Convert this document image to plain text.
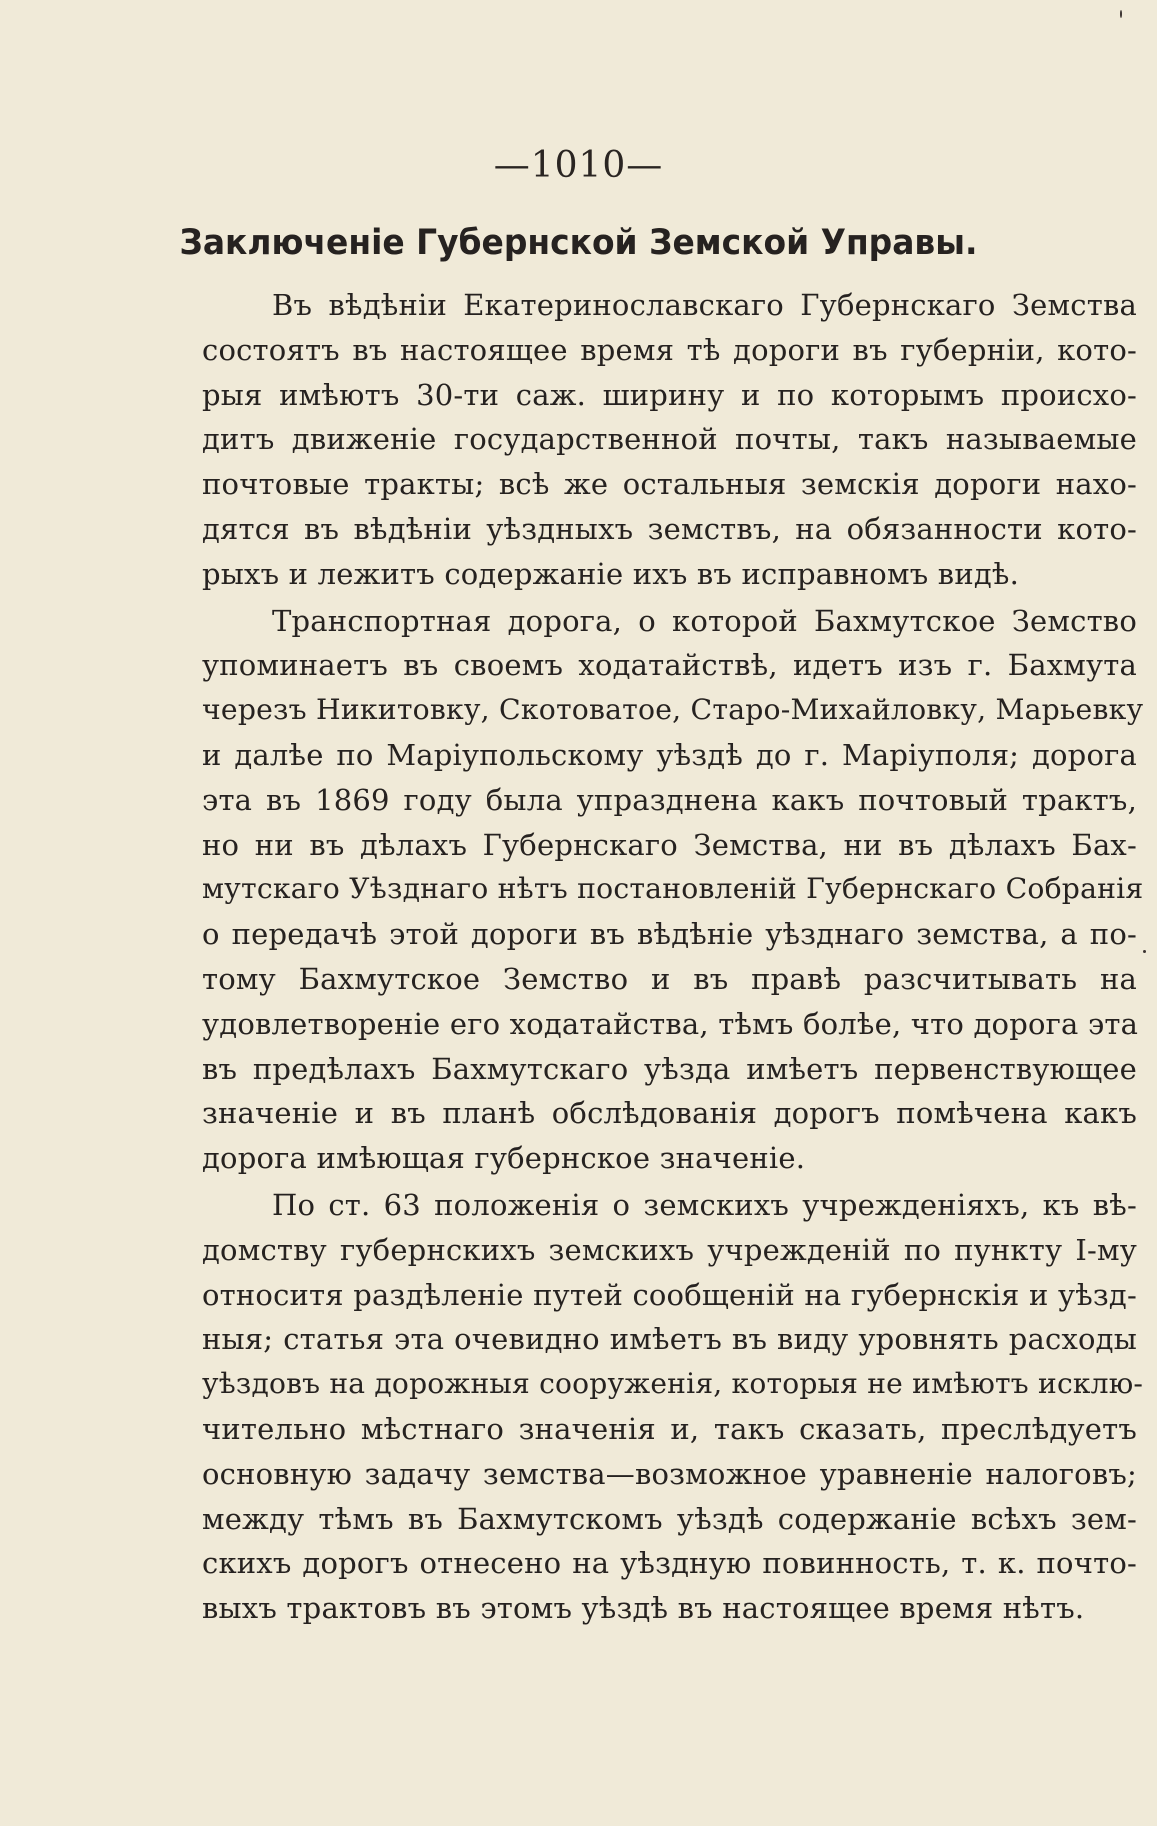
—1010—
Заключеніе Губернской Земской Управы.
Въ вѣдѣніи Екатеринославскаго Губернскаго Земства
состоятъ въ настоящее время тѣ дороги въ губерніи, кото-
рыя имѣютъ 30-ти саж. ширину и по которымъ происхо-
дитъ движеніе государственной почты, такъ называемые
почтовые тракты; всѣ же остальныя земскія дороги нахо-
дятся въ вѣдѣніи уѣздныхъ земствъ, на обязанности кото-
рыхъ и лежитъ содержаніе ихъ въ исправномъ видѣ.
Транспортная дорога, о которой Бахмутское Земство
упоминаетъ въ своемъ ходатайствѣ, идетъ изъ г. Бахмута
черезъ Никитовку, Скотоватое, Старо-Михайловку, Марьевку
и далѣе по Маріупольскому уѣздѣ до г. Маріуполя; дорога
эта въ 1869 году была упразднена какъ почтовый трактъ,
но ни въ дѣлахъ Губернскаго Земства, ни въ дѣлахъ Бах-
мутскаго Уѣзднаго нѣтъ постановленій Губернскаго Собранія
о передачѣ этой дороги въ вѣдѣніе уѣзднаго земства, а по-
тому Бахмутское Земство и въ правѣ разсчитывать на
удовлетвореніе его ходатайства, тѣмъ болѣе, что дорога эта
въ предѣлахъ Бахмутскаго уѣзда имѣетъ первенствующее
значеніе и въ планѣ обслѣдованія дорогъ помѣчена какъ
дорога имѣющая губернское значеніе.
По ст. 63 положенія о земскихъ учрежденіяхъ, къ вѣ-
домству губернскихъ земскихъ учрежденій по пункту I-му
относитя раздѣленіе путей сообщеній на губернскія и уѣзд-
ныя; статья эта очевидно имѣетъ въ виду уровнять расходы
уѣздовъ на дорожныя сооруженія, которыя не имѣютъ исклю-
чительно мѣстнаго значенія и, такъ сказать, преслѣдуетъ
основную задачу земства—возможное уравненіе налоговъ;
между тѣмъ въ Бахмутскомъ уѣздѣ содержаніе всѣхъ зем-
скихъ дорогъ отнесено на уѣздную повинность, т. к. почто-
выхъ трактовъ въ этомъ уѣздѣ въ настоящее время нѣтъ.
